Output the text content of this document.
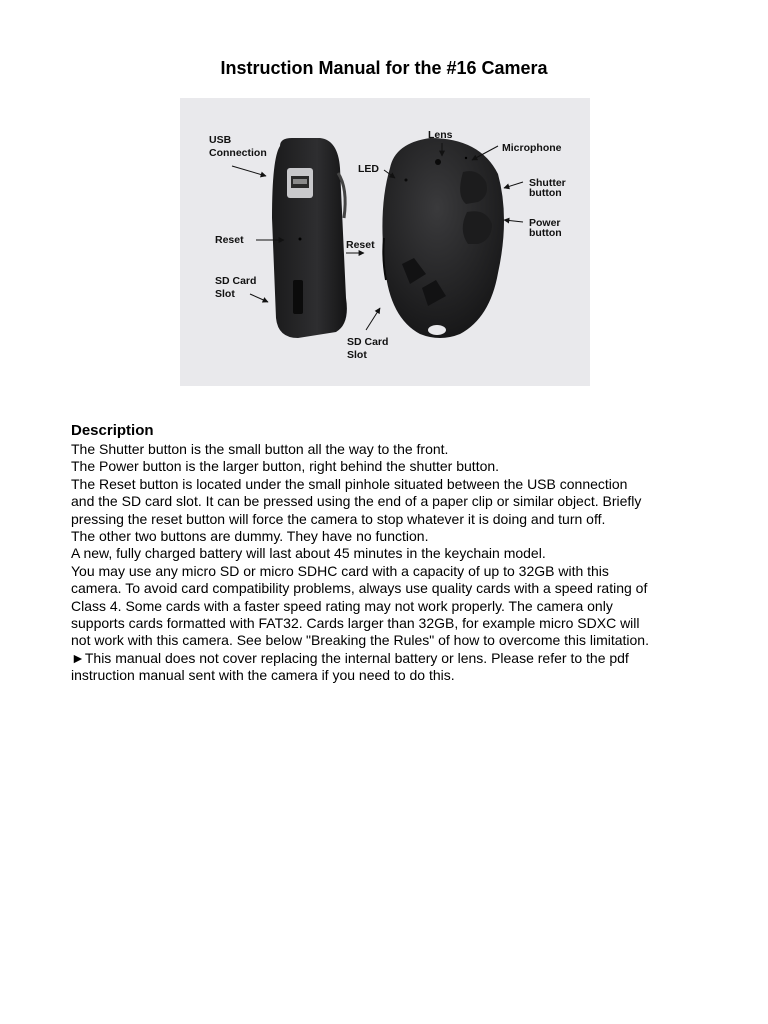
Instruction Manual for the #16 Camera
USB
Connection
Lens
Microphone
LED
Shutter
button
Power
button
Reset	Reset
SD Card
Slot
SD Card
Slot
Description

The Shutter button is the small button all the way to the front.

The Power button is the larger button, right behind the shutter button.

The Reset button is located under the small pinhole situated between the USB connection

and the SD card slot. It can be pressed using the end of a paper clip or similar object. Briefly

pressing the reset button will force the camera to stop whatever it is doing and turn off.

The other two buttons are dummy. They have no function.

A new, fully charged battery will last about 45 minutes in the keychain model.

You may use any micro SD or micro SDHC card with a capacity of up to 32GB with this

camera. To avoid card compatibility problems, always use quality cards with a speed rating of

Class 4. Some cards with a faster speed rating may not work properly. The camera only

supports cards formatted with FAT32. Cards larger than 32GB, for example micro SDXC will

not work with this camera. See below "Breaking the Rules" of how to overcome this limitation.

►This manual does not cover replacing the internal battery or lens. Please refer to the pdf

instruction manual sent with the camera if you need to do this.
